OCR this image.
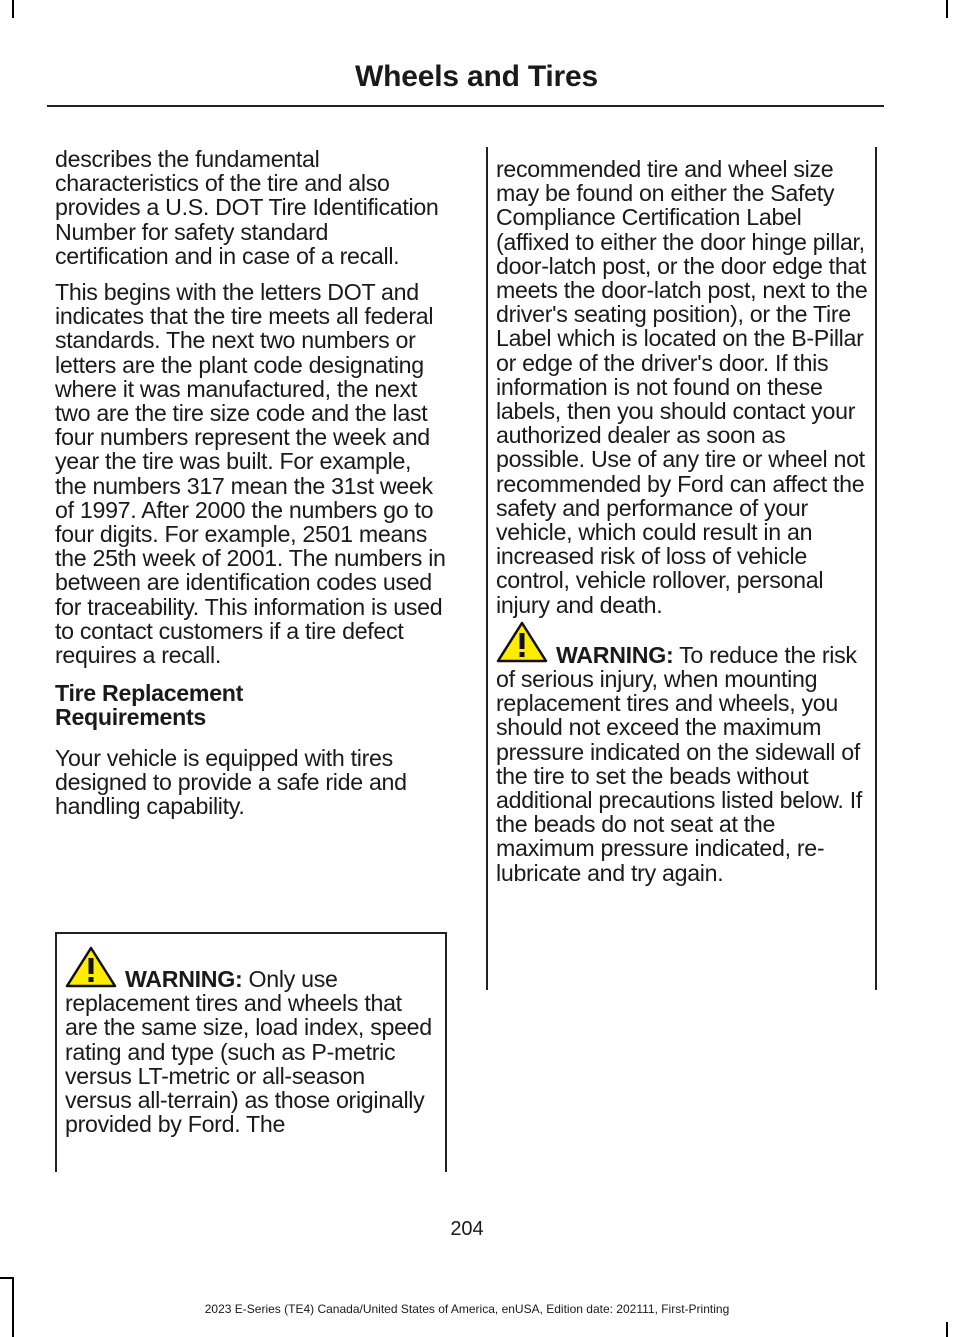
Wheels and Tires

describes the fundamental characteristics of the tire and also provides a U.S. DOT Tire Identification Number for safety standard certification and in case of a recall.

This begins with the letters DOT and indicates that the tire meets all federal standards. The next two numbers or letters are the plant code designating where it was manufactured, the next two are the tire size code and the last four numbers represent the week and year the tire was built. For example, the numbers 317 mean the 31st week of 1997. After 2000 the numbers go to four digits. For example, 2501 means the 25th week of 2001. The numbers in between are identification codes used for traceability. This information is used to contact customers if a tire defect requires a recall.

Tire Replacement Requirements

Your vehicle is equipped with tires designed to provide a safe ride and handling capability.

WARNING: Only use replacement tires and wheels that are the same size, load index, speed rating and type (such as P-metric versus LT-metric or all-season versus all-terrain) as those originally provided by Ford. The

recommended tire and wheel size may be found on either the Safety Compliance Certification Label (affixed to either the door hinge pillar, door-latch post, or the door edge that meets the door-latch post, next to the driver's seating position), or the Tire Label which is located on the B-Pillar or edge of the driver's door. If this information is not found on these labels, then you should contact your authorized dealer as soon as possible. Use of any tire or wheel not recommended by Ford can affect the safety and performance of your vehicle, which could result in an increased risk of loss of vehicle control, vehicle rollover, personal injury and death.

WARNING: To reduce the risk of serious injury, when mounting replacement tires and wheels, you should not exceed the maximum pressure indicated on the sidewall of the tire to set the beads without additional precautions listed below. If the beads do not seat at the maximum pressure indicated, re-lubricate and try again.
204
2023 E-Series (TE4) Canada/United States of America, enUSA, Edition date: 202111, First-Printing
